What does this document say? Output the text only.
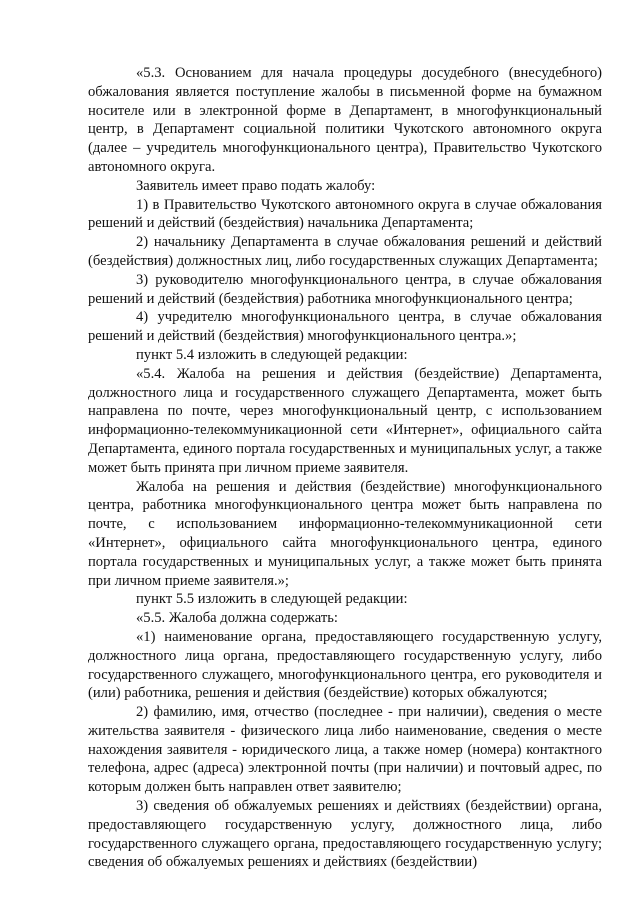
«5.3. Основанием для начала процедуры досудебного (внесудебного) обжалования является поступление жалобы в письменной форме на бумажном носителе или в электронной форме в Департамент, в многофункциональный центр, в Департамент социальной политики Чукотского автономного округа (далее – учредитель многофункционального центра), Правительство Чукотского автономного округа.

Заявитель имеет право подать жалобу:

1) в Правительство Чукотского автономного округа в случае обжалования решений и действий (бездействия) начальника Департамента;

2) начальнику Департамента в случае обжалования решений и действий (бездействия) должностных лиц, либо государственных служащих Департамента;

3) руководителю многофункционального центра, в случае обжалования решений и действий (бездействия) работника многофункционального центра;

4) учредителю многофункционального центра, в случае обжалования решений и действий (бездействия) многофункционального центра.»;

пункт 5.4 изложить в следующей редакции:

«5.4. Жалоба на решения и действия (бездействие) Департамента, должностного лица и государственного служащего Департамента, может быть направлена по почте, через многофункциональный центр, с использованием информационно-телекоммуникационной сети «Интернет», официального сайта Департамента, единого портала государственных и муниципальных услуг, а также может быть принята при личном приеме заявителя.

Жалоба на решения и действия (бездействие) многофункционального центра, работника многофункционального центра может быть направлена по почте, с использованием информационно-телекоммуникационной сети «Интернет», официального сайта многофункционального центра, единого портала государственных и муниципальных услуг, а также может быть принята при личном приеме заявителя.»;

пункт 5.5 изложить в следующей редакции:

«5.5. Жалоба должна содержать:

«1) наименование органа, предоставляющего государственную услугу, должностного лица органа, предоставляющего государственную услугу, либо государственного служащего, многофункционального центра, его руководителя и (или) работника, решения и действия (бездействие) которых обжалуются;

2) фамилию, имя, отчество (последнее - при наличии), сведения о месте жительства заявителя - физического лица либо наименование, сведения о месте нахождения заявителя - юридического лица, а также номер (номера) контактного телефона, адрес (адреса) электронной почты (при наличии) и почтовый адрес, по которым должен быть направлен ответ заявителю;

3) сведения об обжалуемых решениях и действиях (бездействии) органа, предоставляющего государственную услугу, должностного лица, либо государственного служащего органа, предоставляющего государственную услугу; сведения об обжалуемых решениях и действиях (бездействии)
